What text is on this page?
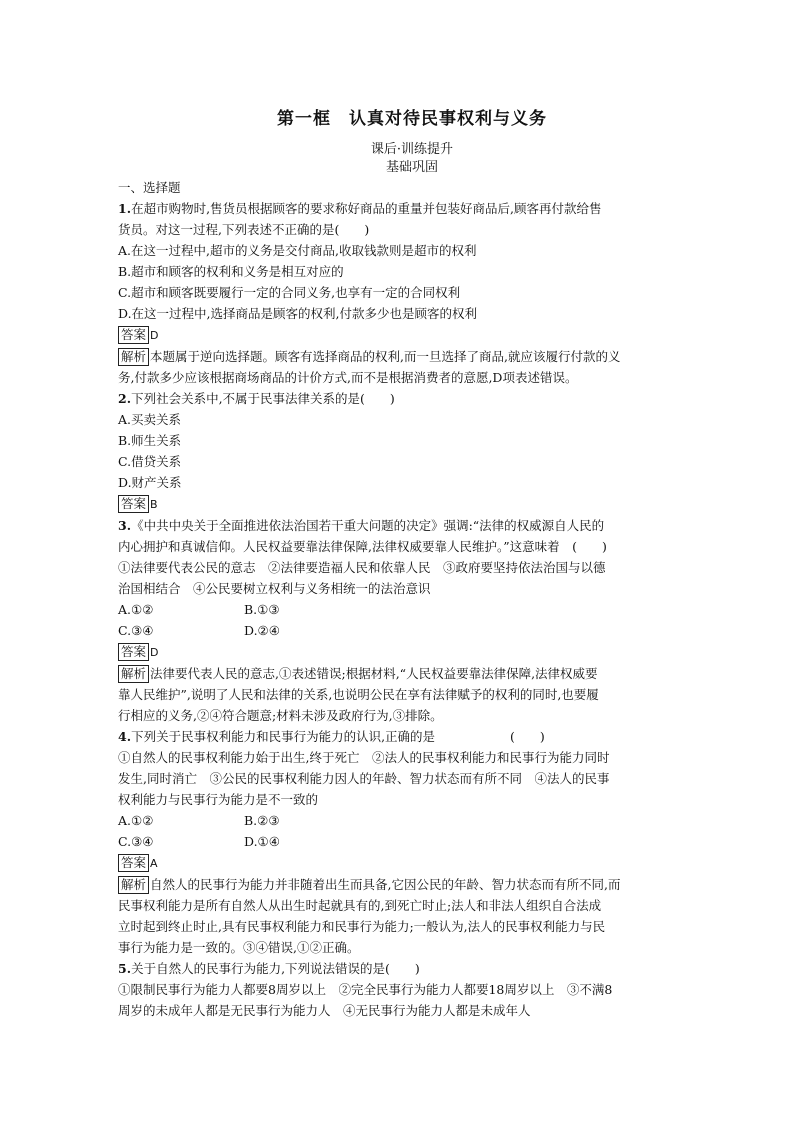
第一框　认真对待民事权利与义务
课后·训练提升
基础巩固
一、选择题
1.在超市购物时,售货员根据顾客的要求称好商品的重量并包装好商品后,顾客再付款给售
货员。对这一过程,下列表述不正确的是(　　)
A.在这一过程中,超市的义务是交付商品,收取钱款则是超市的权利
B.超市和顾客的权利和义务是相互对应的
C.超市和顾客既要履行一定的合同义务,也享有一定的合同权利
D.在这一过程中,选择商品是顾客的权利,付款多少也是顾客的权利
答案 D
解析 本题属于逆向选择题。顾客有选择商品的权利,而一旦选择了商品,就应该履行付款的义
务,付款多少应该根据商场商品的计价方式,而不是根据消费者的意愿,D项表述错误。
2.下列社会关系中,不属于民事法律关系的是(　　)
A.买卖关系
B.师生关系
C.借贷关系
D.财产关系
答案 B
3.《中共中央关于全面推进依法治国若干重大问题的决定》强调:“法律的权威源自人民的
内心拥护和真诚信仰。人民权益要靠法律保障,法律权威要靠人民维护。”这意味着　(　　)
①法律要代表公民的意志　②法律要造福人民和依靠人民　③政府要坚持依法治国与以德
治国相结合　④公民要树立权利与义务相统一的法治意识
A.①②	B.①③
C.③④	D.②④
答案 D
解析 法律要代表人民的意志,①表述错误;根据材料,“人民权益要靠法律保障,法律权威要
靠人民维护”,说明了人民和法律的关系,也说明公民在享有法律赋予的权利的同时,也要履
行相应的义务,②④符合题意;材料未涉及政府行为,③排除。
4.下列关于民事权利能力和民事行为能力的认识,正确的是　　　　　　(　　)
①自然人的民事权利能力始于出生,终于死亡　②法人的民事权利能力和民事行为能力同时
发生,同时消亡　③公民的民事权利能力因人的年龄、智力状态而有所不同　④法人的民事
权利能力与民事行为能力是不一致的
A.①②	B.②③
C.③④	D.①④
答案 A
解析 自然人的民事行为能力并非随着出生而具备,它因公民的年龄、智力状态而有所不同,而
民事权利能力是所有自然人从出生时起就具有的,到死亡时止;法人和非法人组织自合法成
立时起到终止时止,具有民事权利能力和民事行为能力;一般认为,法人的民事权利能力与民
事行为能力是一致的。③④错误,①②正确。
5.关于自然人的民事行为能力,下列说法错误的是(　　)
①限制民事行为能力人都要8周岁以上　②完全民事行为能力人都要18周岁以上　③不满8
周岁的未成年人都是无民事行为能力人　④无民事行为能力人都是未成年人
